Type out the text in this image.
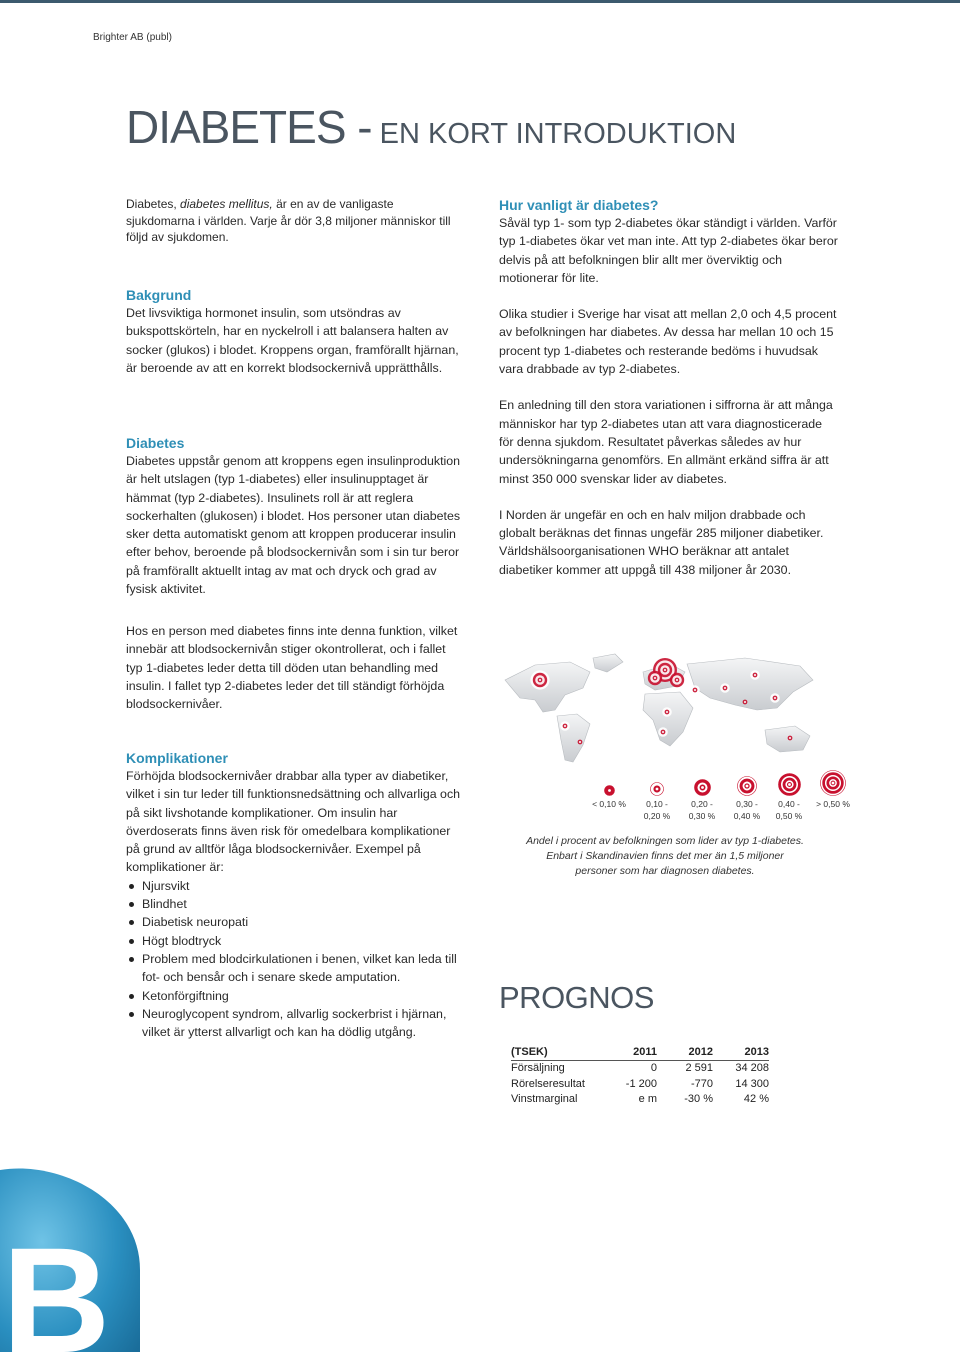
Brighter AB (publ)
DIABETES - EN KORT INTRODUKTION

Diabetes, diabetes mellitus, är en av de vanligaste sjukdomarna i världen. Varje år dör 3,8 miljoner människor till följd av sjukdomen.

Bakgrund

Det livsviktiga hormonet insulin, som utsöndras av bukspottskörteln, har en nyckelroll i att balansera halten av socker (glukos) i blodet. Kroppens organ, framförallt hjärnan, är beroende av att en korrekt blodsockernivå upprätthålls.

Diabetes

Diabetes uppstår genom att kroppens egen insulinproduktion är helt utslagen (typ 1-diabetes) eller insulinupptaget är hämmat (typ 2-diabetes). Insulinets roll är att reglera sockerhalten (glukosen) i blodet. Hos personer utan diabetes sker detta automatiskt genom att kroppen producerar insulin efter behov, beroende på blodsockernivån som i sin tur beror på framförallt aktuellt intag av mat och dryck och grad av fysisk aktivitet.

Hos en person med diabetes finns inte denna funktion, vilket innebär att blodsockernivån stiger okontrollerat, och i fallet typ 1-diabetes leder detta till döden utan behandling med insulin. I fallet typ 2-diabetes leder det till ständigt förhöjda blodsockernivåer.

Komplikationer

Förhöjda blodsockernivåer drabbar alla typer av diabetiker, vilket i sin tur leder till funktionsnedsättning och allvarliga och på sikt livshotande komplikationer. Om insulin har överdoserats finns även risk för omedelbara komplikationer på grund av alltför låga blodsockernivåer. Exempel på komplikationer är:

Njursvikt
Blindhet
Diabetisk neuropati
Högt blodtryck
Problem med blodcirkulationen i benen, vilket kan leda till fot- och bensår och i senare skede amputation.
Ketonförgiftning
Neuroglycopent syndrom, allvarlig sockerbrist i hjärnan, vilket är ytterst allvarligt och kan ha dödlig utgång.
Hur vanligt är diabetes?

Såväl typ 1- som typ 2-diabetes ökar ständigt i världen. Varför typ 1-diabetes ökar vet man inte. Att typ 2-diabetes ökar beror delvis på att befolkningen blir allt mer överviktig och motionerar för lite.

Olika studier i Sverige har visat att mellan 2,0 och 4,5 procent av befolkningen har diabetes. Av dessa har mellan 10 och 15 procent typ 1-diabetes och resterande bedöms i huvudsak vara drabbade av typ 2-diabetes.

En anledning till den stora variationen i siffrorna är att många människor har typ 2-diabetes utan att vara diagnosticerade för denna sjukdom. Resultatet påverkas således av hur undersökningarna genomförs. En allmänt erkänd siffra är att minst 350 000 svenskar lider av diabetes.

I Norden är ungefär en och en halv miljon drabbade och globalt beräknas det finnas ungefär 285 miljoner diabetiker. Världshälsoorganisationen WHO beräknar att antalet diabetiker kommer att uppgå till 438 miljoner år 2030.

< 0,10 %	0,10 -
0,20 %
0,20 -
0,30 %
0,30 -
0,40 %
0,40 -
0,50 %
> 0,50 %
Andel i procent av befolkningen som lider av typ 1-diabetes.
Enbart i Skandinavien finns det mer än 1,5 miljoner
personer som har diagnosen diabetes.
PROGNOS
(TSEK)	2011	2012	2013
Försäljning	0	2 591	34 208
Rörelseresultat	-1 200	-770	14 300
Vinstmarginal	e m	-30 %	42 %
B
